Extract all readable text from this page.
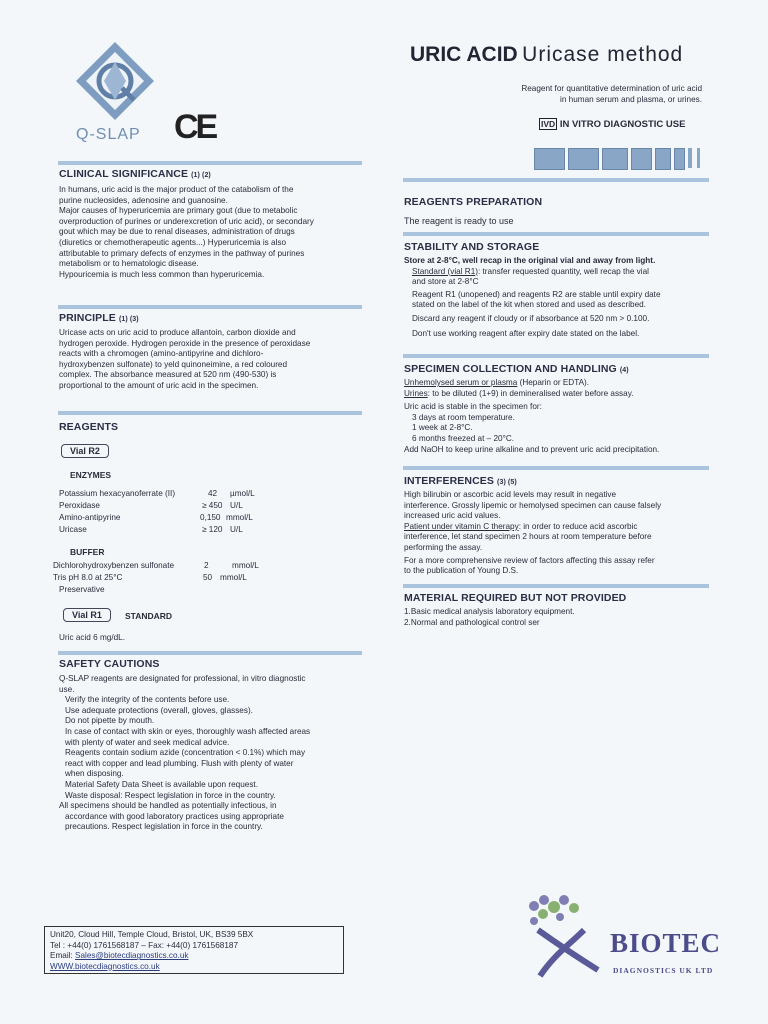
Q-SLAP CE
URIC ACID Uricase method

Reagent for quantitative determination of uric acid

in human serum and plasma, or urines.

IVD IN VITRO DIAGNOSTIC USE
CLINICAL SIGNIFICANCE (1) (2)

In humans, uric acid is the major product of the catabolism of the

purine nucleosides, adenosine and guanosine.

Major causes of hyperuricemia are primary gout (due to metabolic

overproduction of purines or underexcretion of uric acid), or secondary

gout which may be due to renal diseases, administration of drugs

(diuretics or chemotherapeutic agents...) Hyperuricemia is also

attributable to primary defects of enzymes in the pathway of purines

metabolism or to hematologic disease.

Hypouricemia is much less common than hyperuricemia.

PRINCIPLE (1) (3)

Uricase acts on uric acid to produce allantoin, carbon dioxide and

hydrogen peroxide. Hydrogen peroxide in the presence of peroxidase

reacts with a chromogen (amino-antipyrine and dichloro-

hydroxybenzen sulfonate) to yeld quinoneimine, a red coloured

complex. The absorbance measured at 520 nm (490-530) is

proportional to the amount of uric acid in the specimen.

REAGENTS
Vial R2
ENZYMES
Potassium hexacyanoferrate (II)	42 µmol/L
Peroxidase	≥ 450 U/L
Amino-antipyrine	0,150 mmol/L
Uricase	≥ 120 U/L
BUFFER
Dichlorohydroxybenzen sulfonate	2	mmol/L
Tris pH 8.0 at 25°C	50 mmol/L
Preservative
Vial R1	STANDARD
Uric acid 6 mg/dL.
SAFETY CAUTIONS

Q-SLAP reagents are designated for professional, in vitro diagnostic

use.

Verify the integrity of the contents before use.

Use adequate protections (overall, gloves, glasses).

Do not pipette by mouth.

In case of contact with skin or eyes, thoroughly wash affected areas

with plenty of water and seek medical advice.

Reagents contain sodium azide (concentration < 0.1%) which may

react with copper and lead plumbing. Flush with plenty of water

when disposing.

Material Safety Data Sheet is available upon request.

Waste disposal: Respect legislation in force in the country.

All specimens should be handled as potentially infectious, in

accordance with good laboratory practices using appropriate

precautions. Respect legislation in force in the country.

Unit20, Cloud Hill, Temple Cloud, Bristol, UK, BS39 5BX

Tel : +44(0) 1761568187 – Fax: +44(0) 1761568187

Email: Sales@biotecdiagnostics.co.uk

WWW.biotecdiagnostics.co.uk

REAGENTS PREPARATION
The reagent is ready to use
STABILITY AND STORAGE

Store at 2-8°C, well recap in the original vial and away from light.

Standard (vial R1): transfer requested quantity, well recap the vial

and store at 2-8°C

Reagent R1 (unopened) and reagents R2 are stable until expiry date

stated on the label of the kit when stored and used as described.

Discard any reagent if cloudy or if absorbance at 520 nm > 0.100.

Don't use working reagent after expiry date stated on the label.

SPECIMEN COLLECTION AND HANDLING (4)

Unhemolysed serum or plasma (Heparin or EDTA).

Urines: to be diluted (1+9) in demineralised water before assay.

Uric acid is stable in the specimen for:

3 days at room temperature.

1 week at 2-8°C.

6 months freezed at – 20°C.

Add NaOH to keep urine alkaline and to prevent uric acid precipitation.

INTERFERENCES (3) (5)

High bilirubin or ascorbic acid levels may result in negative

interference. Grossly lipemic or hemolysed specimen can cause falsely

increased uric acid values.

Patient under vitamin C therapy: in order to reduce acid ascorbic

interference, let stand specimen 2 hours at room temperature before

performing the assay.

For a more comprehensive review of factors affecting this assay refer

to the publication of Young D.S.

MATERIAL REQUIRED BUT NOT PROVIDED

1.Basic medical analysis laboratory equipment.

2.Normal and pathological control ser

BIOTEC
DIAGNOSTICS UK LTD
